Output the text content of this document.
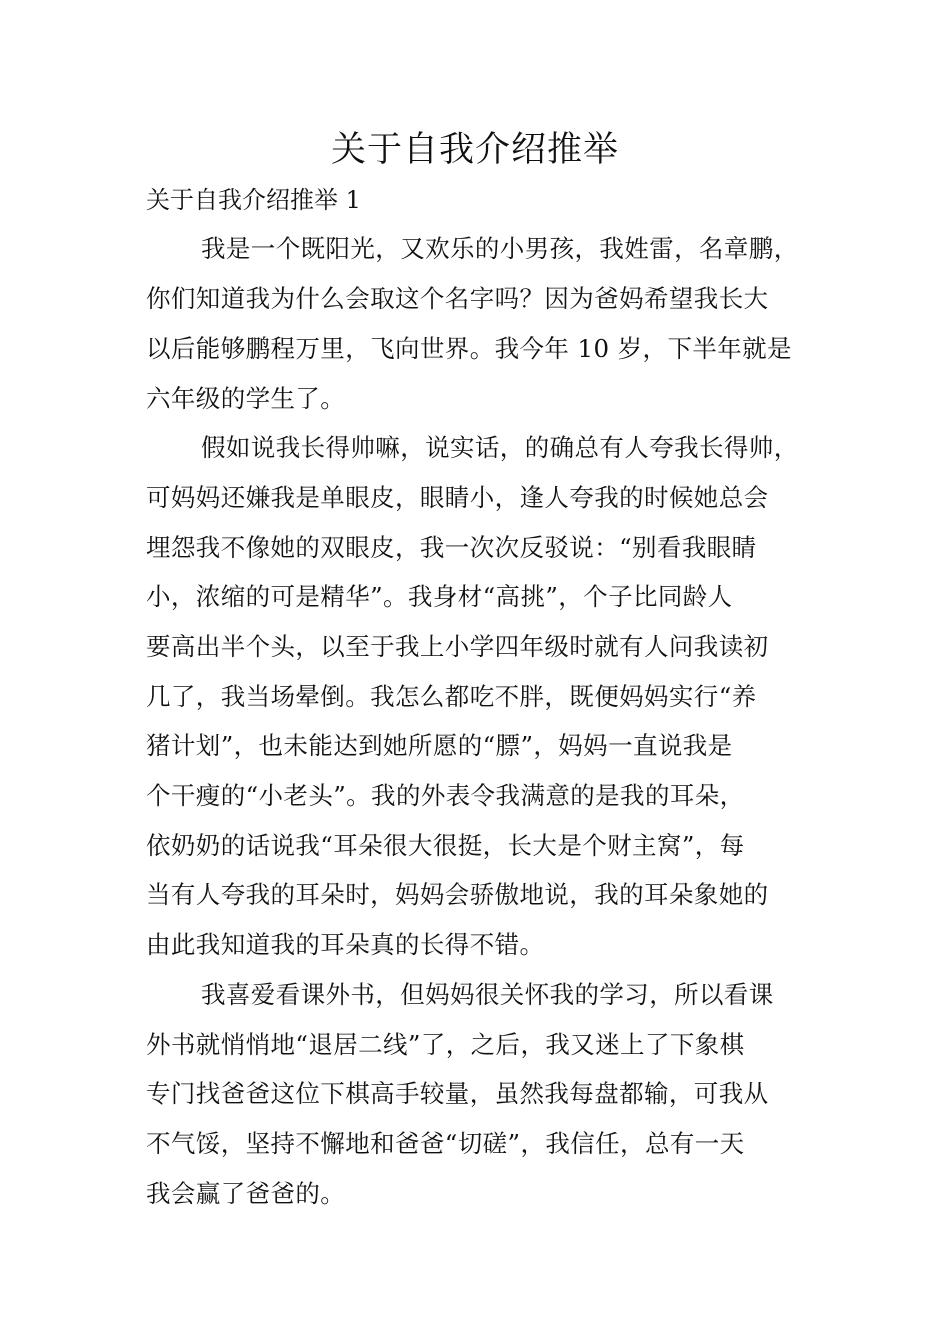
关于自我介绍推举
关于自我介绍推举 1
我是一个既阳光，又欢乐的小男孩，我姓雷，名章鹏，
你们知道我为什么会取这个名字吗？因为爸妈希望我长大
以后能够鹏程万里，飞向世界。我今年 10 岁，下半年就是
六年级的学生了。
假如说我长得帅嘛，说实话，的确总有人夸我长得帅，
可妈妈还嫌我是单眼皮，眼睛小，逢人夸我的时候她总会
埋怨我不像她的双眼皮，我一次次反驳说：“别看我眼睛
小，浓缩的可是精华”。我身材“高挑”，个子比同龄人
要高出半个头，以至于我上小学四年级时就有人问我读初
几了，我当场晕倒。我怎么都吃不胖，既便妈妈实行“养
猪计划”，也未能达到她所愿的“膘”，妈妈一直说我是
个干瘦的“小老头”。我的外表令我满意的是我的耳朵，
依奶奶的话说我“耳朵很大很挺，长大是个财主窝”，每
当有人夸我的耳朵时，妈妈会骄傲地说，我的耳朵象她的
由此我知道我的耳朵真的长得不错。
我喜爱看课外书，但妈妈很关怀我的学习，所以看课
外书就悄悄地“退居二线”了，之后，我又迷上了下象棋
专门找爸爸这位下棋高手较量，虽然我每盘都输，可我从
不气馁，坚持不懈地和爸爸“切磋”，我信任，总有一天
我会赢了爸爸的。
